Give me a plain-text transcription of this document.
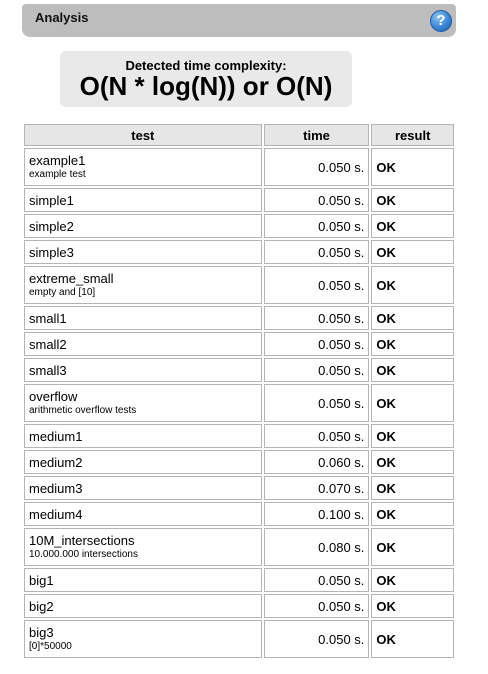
Analysis	?
Detected time complexity:
O(N * log(N)) or O(N)
test	time	result

example1
example test	0.050 s.	OK

simple1	0.050 s.	OK

simple2	0.050 s.	OK

simple3	0.050 s.	OK

extreme_small
empty and [10]	0.050 s.	OK

small1	0.050 s.	OK

small2	0.050 s.	OK

small3	0.050 s.	OK

overflow
arithmetic overflow tests	0.050 s.	OK

medium1	0.050 s.	OK

medium2	0.060 s.	OK

medium3	0.070 s.	OK

medium4	0.100 s.	OK

10M_intersections
10.000.000 intersections	0.080 s.	OK

big1	0.050 s.	OK

big2	0.050 s.	OK

big3
[0]*50000	0.050 s.	OK
